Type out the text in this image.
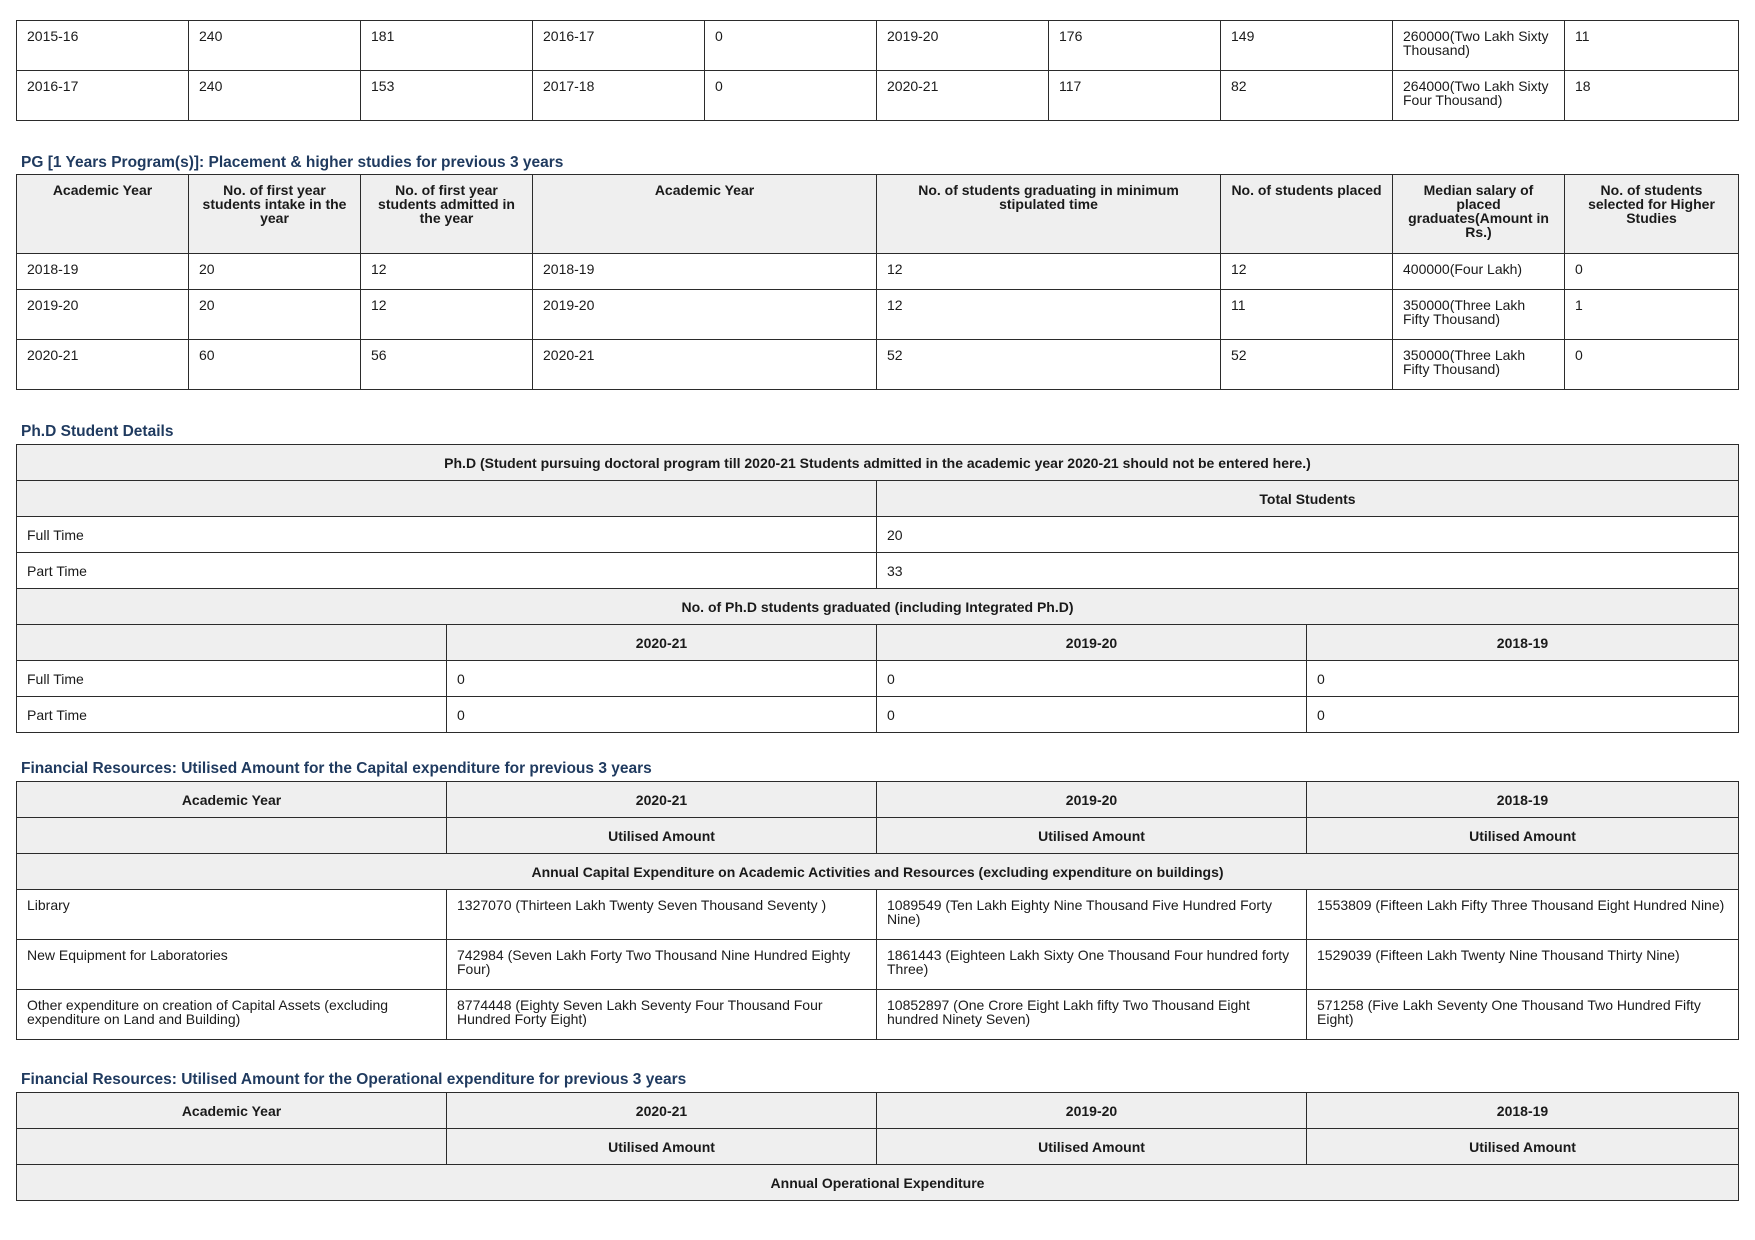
2015-16	240	181	2016-17	0	2019-20	176	149	260000(Two Lakh Sixty Thousand)	11
2016-17	240	153	2017-18	0	2020-21	117	82	264000(Two Lakh Sixty Four Thousand)	18
PG [1 Years Program(s)]: Placement & higher studies for previous 3 years
Academic Year	No. of first year students intake in the year	No. of first year students admitted in the year	Academic Year	No. of students graduating in minimum stipulated time	No. of students placed	Median salary of placed graduates(Amount in Rs.)	No. of students selected for Higher Studies
2018-19	20	12	2018-19	12	12	400000(Four Lakh)	0
2019-20	20	12	2019-20	12	11	350000(Three Lakh Fifty Thousand)	1
2020-21	60	56	2020-21	52	52	350000(Three Lakh Fifty Thousand)	0
Ph.D Student Details
Ph.D (Student pursuing doctoral program till 2020-21 Students admitted in the academic year 2020-21 should not be entered here.)			
		Total Students	
Full Time		20	
Part Time		33	
No. of Ph.D students graduated (including Integrated Ph.D)			
	2020-21	2019-20	2018-19
Full Time	0	0	0
Part Time	0	0	0
Financial Resources: Utilised Amount for the Capital expenditure for previous 3 years
Academic Year	2020-21	2019-20	2018-19
	Utilised Amount	Utilised Amount	Utilised Amount
Annual Capital Expenditure on Academic Activities and Resources (excluding expenditure on buildings)			
Library	1327070 (Thirteen Lakh Twenty Seven Thousand Seventy )	1089549 (Ten Lakh Eighty Nine Thousand Five Hundred Forty Nine)	1553809 (Fifteen Lakh Fifty Three Thousand Eight Hundred Nine)
New Equipment for Laboratories	742984 (Seven Lakh Forty Two Thousand Nine Hundred Eighty Four)	1861443 (Eighteen Lakh Sixty One Thousand Four hundred forty Three)	1529039 (Fifteen Lakh Twenty Nine Thousand Thirty Nine)
Other expenditure on creation of Capital Assets (excluding expenditure on Land and Building)	8774448 (Eighty Seven Lakh Seventy Four Thousand Four Hundred Forty Eight)	10852897 (One Crore Eight Lakh fifty Two Thousand Eight hundred Ninety Seven)	571258 (Five Lakh Seventy One Thousand Two Hundred Fifty Eight)
Financial Resources: Utilised Amount for the Operational expenditure for previous 3 years
Academic Year	2020-21	2019-20	2018-19
	Utilised Amount	Utilised Amount	Utilised Amount
Annual Operational Expenditure			
